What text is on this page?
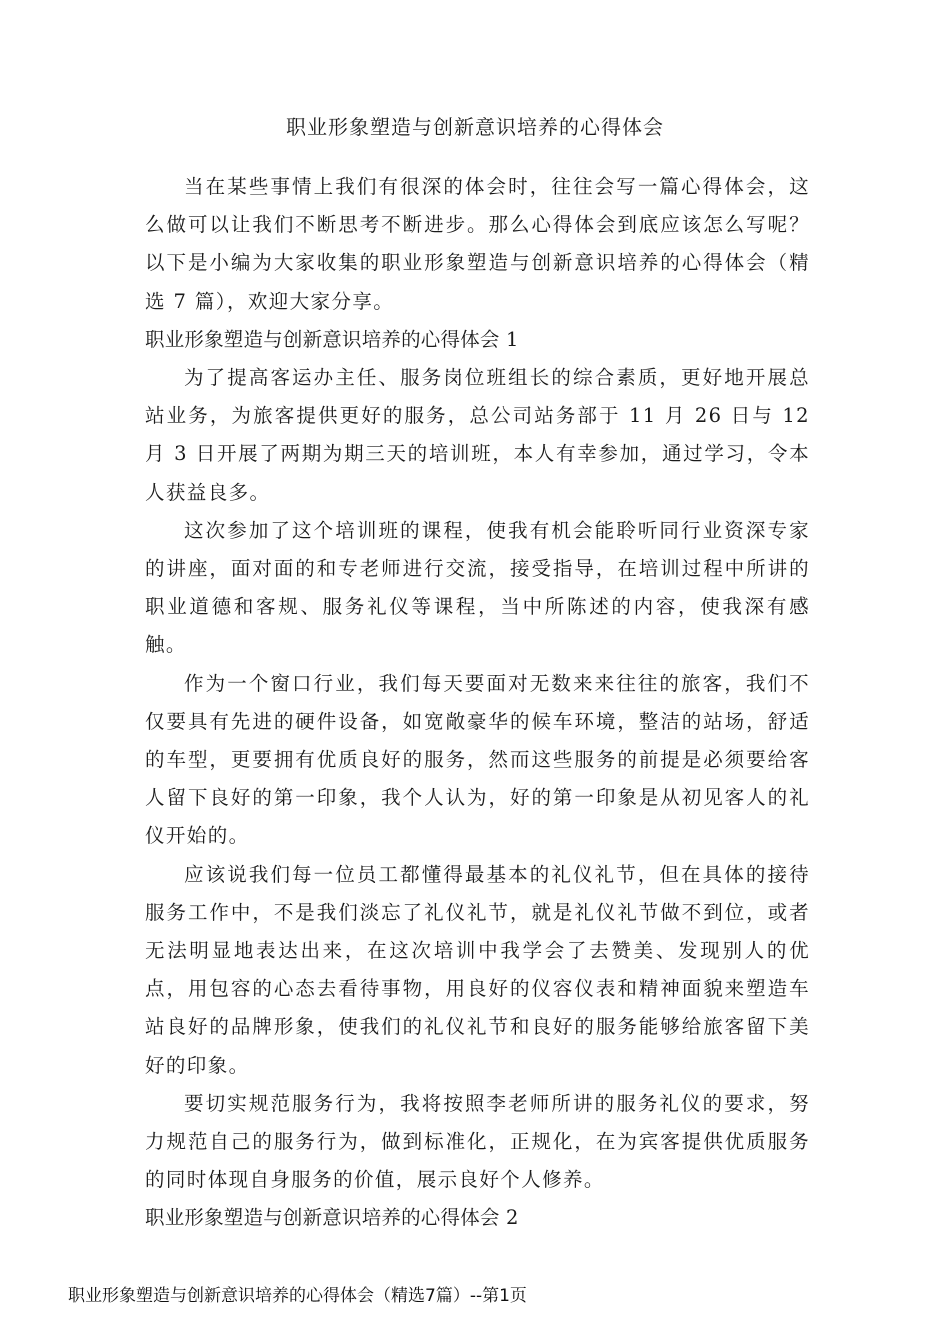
职业形象塑造与创新意识培养的心得体会

当在某些事情上我们有很深的体会时，往往会写一篇心得体会，这么做可以让我们不断思考不断进步。那么心得体会到底应该怎么写呢？以下是小编为大家收集的职业形象塑造与创新意识培养的心得体会（精选 7 篇），欢迎大家分享。

职业形象塑造与创新意识培养的心得体会 1

为了提高客运办主任、服务岗位班组长的综合素质，更好地开展总站业务，为旅客提供更好的服务，总公司站务部于 11 月 26 日与 12 月 3 日开展了两期为期三天的培训班，本人有幸参加，通过学习，令本人获益良多。

这次参加了这个培训班的课程，使我有机会能聆听同行业资深专家的讲座，面对面的和专老师进行交流，接受指导，在培训过程中所讲的职业道德和客规、服务礼仪等课程，当中所陈述的内容，使我深有感触。

作为一个窗口行业，我们每天要面对无数来来往往的旅客，我们不仅要具有先进的硬件设备，如宽敞豪华的候车环境，整洁的站场，舒适的车型，更要拥有优质良好的服务，然而这些服务的前提是必须要给客人留下良好的第一印象，我个人认为，好的第一印象是从初见客人的礼仪开始的。

应该说我们每一位员工都懂得最基本的礼仪礼节，但在具体的接待服务工作中，不是我们淡忘了礼仪礼节，就是礼仪礼节做不到位，或者无法明显地表达出来，在这次培训中我学会了去赞美、发现别人的优点，用包容的心态去看待事物，用良好的仪容仪表和精神面貌来塑造车站良好的品牌形象，使我们的礼仪礼节和良好的服务能够给旅客留下美好的印象。

要切实规范服务行为，我将按照李老师所讲的服务礼仪的要求，努力规范自己的服务行为，做到标准化，正规化，在为宾客提供优质服务的同时体现自身服务的价值，展示良好个人修养。

职业形象塑造与创新意识培养的心得体会 2

职业形象塑造与创新意识培养的心得体会（精选7篇）--第1页
